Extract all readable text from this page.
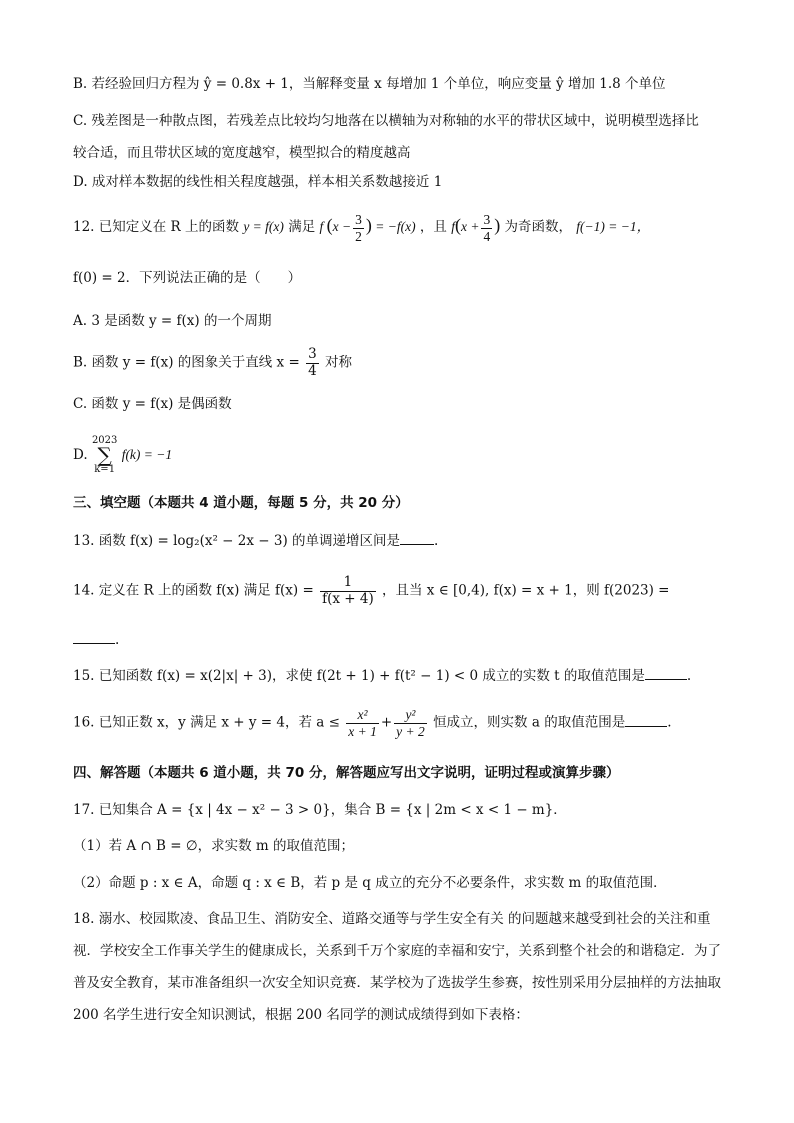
B. 若经验回归方程为 ŷ = 0.8x + 1，当解释变量 x 每增加 1 个单位，响应变量 ŷ 增加 1.8 个单位
C. 残差图是一种散点图，若残差点比较均匀地落在以横轴为对称轴的水平的带状区域中，说明模型选择比
较合适，而且带状区域的宽度越窄，模型拟合的精度越高
D. 成对样本数据的线性相关程度越强，样本相关系数越接近 1
12. 已知定义在 R 上的函数 y = f(x) 满足 f ($x - \frac{3}{2}$ ) = −f(x) ，且 $f(x + \frac{3}{4}$ ) 为奇函数， f(−1) = −1，
f(0) = 2．下列说法正确的是（　　）
A. 3 是函数 y = f(x) 的一个周期
B. 函数 y = f(x) 的图象关于直线 $x = \frac{3}{4}$ 对称
C. 函数 y = f(x) 是偶函数
D. 2023
∑
k=1 f(k) = −1
三、填空题（本题共 4 道小题，每题 5 分，共 20 分）
13. 函数 f(x) = log₂(x² − 2x − 3) 的单调递增区间是	.
14. 定义在 R 上的函数 f(x) 满足 $f(x) = \frac{1}{f(x + 4)}$ ，且当 x ∈ [0,4), f(x) = x + 1，则 f(2023) =
.
15. 已知函数 f(x) = x(2|x| + 3)，求使 f(2t + 1) + f(t² − 1) < 0 成立的实数 t 的取值范围是	.
16. 已知正数 x，y 满足 x + y = 4，若 $a \le \frac{\text{x²}}{x + 1} + \frac{\text{y²}}{y + 2}$ 恒成立，则实数 a 的取值范围是	.
四、解答题（本题共 6 道小题，共 70 分，解答题应写出文字说明，证明过程或演算步骤）
17. 已知集合 A = {x | 4x − x² − 3 > 0}，集合 B = {x | 2m < x < 1 − m}．
（1）若 A ∩ B = ∅，求实数 m 的取值范围；
（2）命题 p : x ∈ A，命题 q : x ∈ B，若 p 是 q 成立的充分不必要条件，求实数 m 的取值范围．
18. 溺水、校园欺凌、食品卫生、消防安全、道路交通等与学生安全有关 的问题越来越受到社会的关注和重视．学校安全工作事关学生的健康成长，关系到千万个家庭的幸福和安宁，关系到整个社会的和谐稳定．为了普及安全教育，某市准备组织一次安全知识竞赛．某学校为了选拔学生参赛，按性别采用分层抽样的方法抽取 200 名学生进行安全知识测试，根据 200 名同学的测试成绩得到如下表格：
